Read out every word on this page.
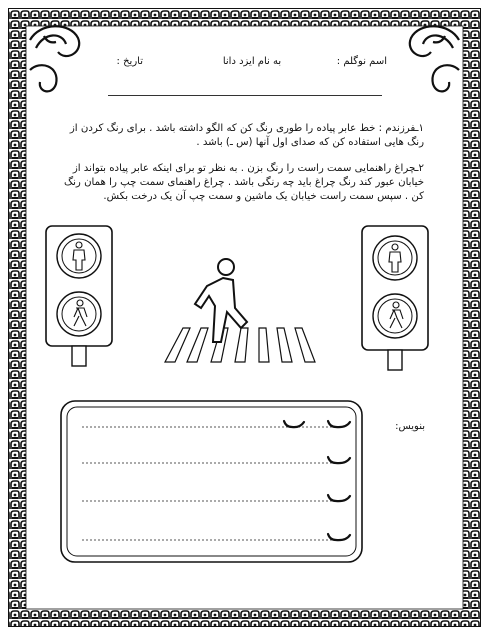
اسم نوگلم :
به نام ایزد دانا
تاریخ :
۱ـفرزندم : خط عابر پیاده را طوری رنگ کن که الگو داشته باشد . برای رنگ کردن از رنگ هایی استفاده کن که صدای اول آنها (س ـ) باشد .
۲ـچراغ راهنمایی سمت راست را رنگ بزن . به نظر تو برای اینکه عابر پیاده بتواند از خیابان عبور کند رنگ چراغ باید چه رنگی باشد . چراغ راهنمای سمت چپ را همان رنگ کن . سپس سمت راست خیابان یک ماشین و سمت چپ آن یک درخت بکش.
بنویس:
